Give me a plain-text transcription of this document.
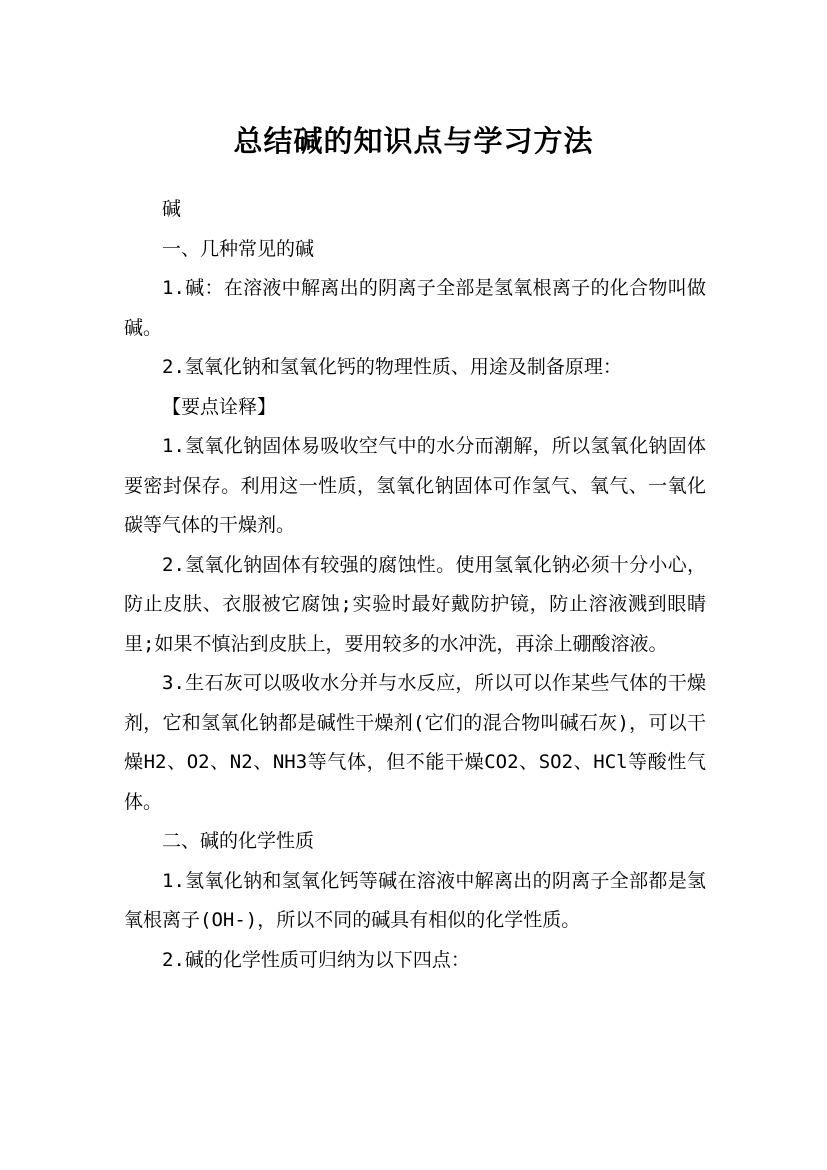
总结碱的知识点与学习方法

碱

一、几种常见的碱

1.碱：在溶液中解离出的阴离子全部是氢氧根离子的化合物叫做碱。

2.氢氧化钠和氢氧化钙的物理性质、用途及制备原理：

【要点诠释】

1.氢氧化钠固体易吸收空气中的水分而潮解，所以氢氧化钠固体要密封保存。利用这一性质，氢氧化钠固体可作氢气、氧气、一氧化碳等气体的干燥剂。

2.氢氧化钠固体有较强的腐蚀性。使用氢氧化钠必须十分小心，防止皮肤、衣服被它腐蚀;实验时最好戴防护镜，防止溶液溅到眼睛里;如果不慎沾到皮肤上，要用较多的水冲洗，再涂上硼酸溶液。

3.生石灰可以吸收水分并与水反应，所以可以作某些气体的干燥剂，它和氢氧化钠都是碱性干燥剂(它们的混合物叫碱石灰)，可以干燥H2、O2、N2、NH3等气体，但不能干燥CO2、SO2、HCl等酸性气体。

二、碱的化学性质

1.氢氧化钠和氢氧化钙等碱在溶液中解离出的阴离子全部都是氢氧根离子(OH-)，所以不同的碱具有相似的化学性质。

2.碱的化学性质可归纳为以下四点：
